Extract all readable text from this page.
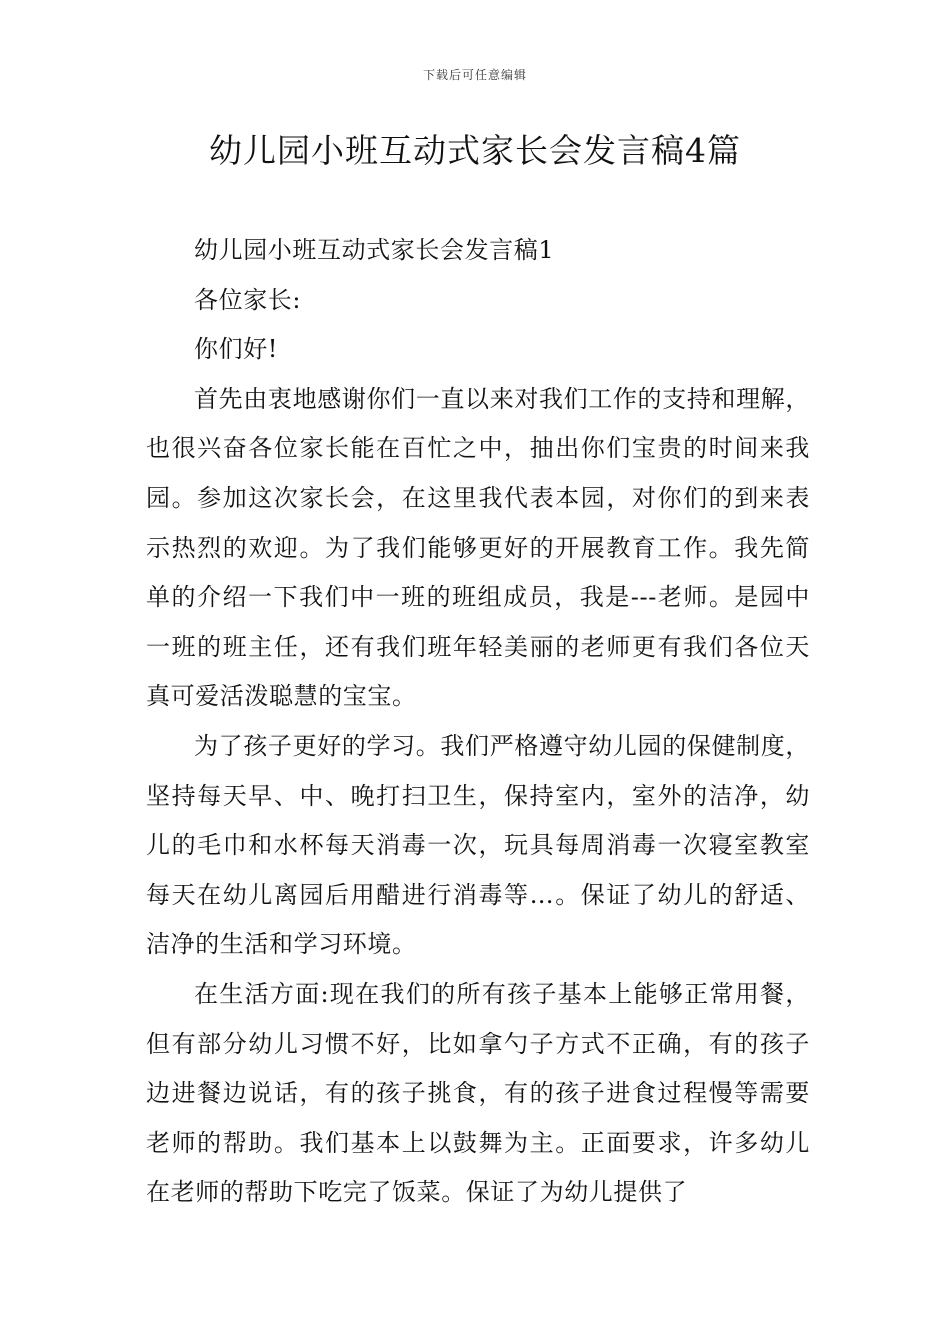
下载后可任意编辑
幼儿园小班互动式家长会发言稿4篇

幼儿园小班互动式家长会发言稿1

各位家长:

你们好!

首先由衷地感谢你们一直以来对我们工作的支持和理解，也很兴奋各位家长能在百忙之中，抽出你们宝贵的时间来我园。参加这次家长会，在这里我代表本园，对你们的到来表示热烈的欢迎。为了我们能够更好的开展教育工作。我先简单的介绍一下我们中一班的班组成员，我是---老师。是园中一班的班主任，还有我们班年轻美丽的老师更有我们各位天真可爱活泼聪慧的宝宝。

为了孩子更好的学习。我们严格遵守幼儿园的保健制度，坚持每天早、中、晚打扫卫生，保持室内，室外的洁净，幼儿的毛巾和水杯每天消毒一次，玩具每周消毒一次寝室教室每天在幼儿离园后用醋进行消毒等…。保证了幼儿的舒适、洁净的生活和学习环境。

在生活方面:现在我们的所有孩子基本上能够正常用餐，但有部分幼儿习惯不好，比如拿勺子方式不正确，有的孩子边进餐边说话，有的孩子挑食，有的孩子进食过程慢等需要老师的帮助。我们基本上以鼓舞为主。正面要求，许多幼儿在老师的帮助下吃完了饭菜。保证了为幼儿提供了
